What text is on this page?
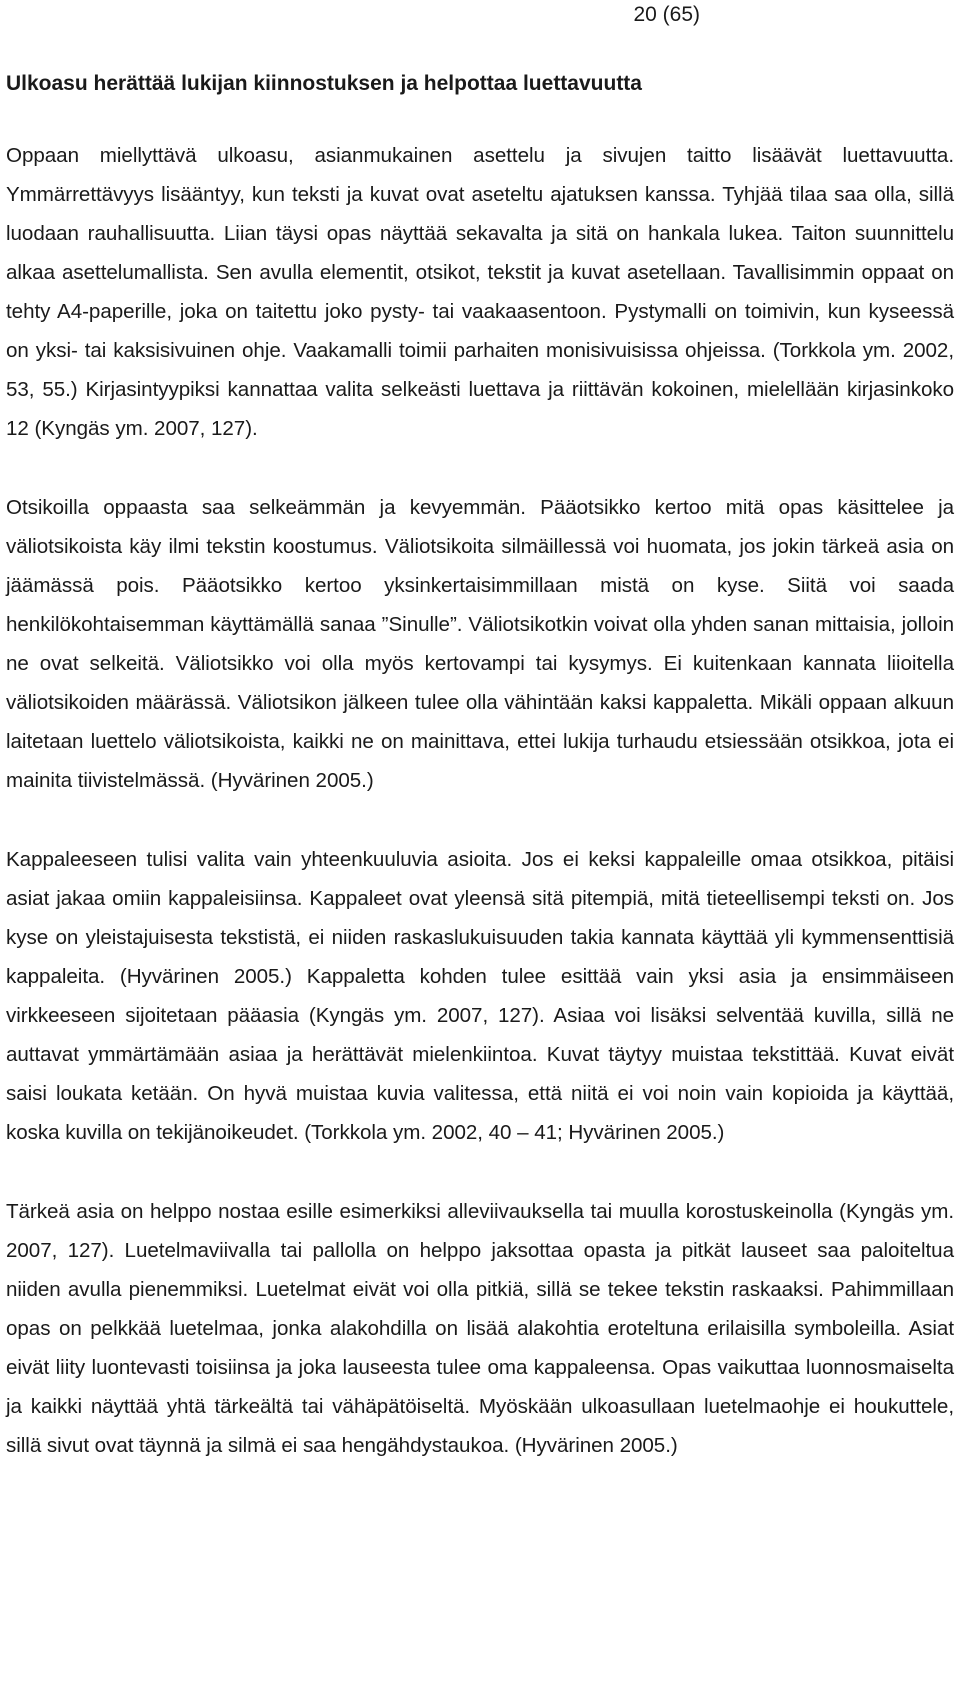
20 (65)
Ulkoasu herättää lukijan kiinnostuksen ja helpottaa luettavuutta

Oppaan miellyttävä ulkoasu, asianmukainen asettelu ja sivujen taitto lisäävät luettavuutta. Ymmärrettävyys lisääntyy, kun teksti ja kuvat ovat aseteltu ajatuksen kanssa. Tyhjää tilaa saa olla, sillä luodaan rauhallisuutta. Liian täysi opas näyttää sekavalta ja sitä on hankala lukea. Taiton suunnittelu alkaa asettelumallista. Sen avulla elementit, otsikot, tekstit ja kuvat asetellaan. Tavallisimmin oppaat on tehty A4-paperille, joka on taitettu joko pysty- tai vaakaasentoon. Pystymalli on toimivin, kun kyseessä on yksi- tai kaksisivuinen ohje. Vaakamalli toimii parhaiten monisivuisissa ohjeissa. (Torkkola ym. 2002, 53, 55.) Kirjasintyypiksi kannattaa valita selkeästi luettava ja riittävän kokoinen, mielellään kirjasinkoko 12 (Kyngäs ym. 2007, 127).

Otsikoilla oppaasta saa selkeämmän ja kevyemmän. Pääotsikko kertoo mitä opas käsittelee ja väliotsikoista käy ilmi tekstin koostumus. Väliotsikoita silmäillessä voi huomata, jos jokin tärkeä asia on jäämässä pois. Pääotsikko kertoo yksinkertaisimmillaan mistä on kyse. Siitä voi saada henkilökohtaisemman käyttämällä sanaa ”Sinulle”. Väliotsikotkin voivat olla yhden sanan mittaisia, jolloin ne ovat selkeitä. Väliotsikko voi olla myös kertovampi tai kysymys. Ei kuitenkaan kannata liioitella väliotsikoiden määrässä. Väliotsikon jälkeen tulee olla vähintään kaksi kappaletta. Mikäli oppaan alkuun laitetaan luettelo väliotsikoista, kaikki ne on mainittava, ettei lukija turhaudu etsiessään otsikkoa, jota ei mainita tiivistelmässä. (Hyvärinen 2005.)

Kappaleeseen tulisi valita vain yhteenkuuluvia asioita. Jos ei keksi kappaleille omaa otsikkoa, pitäisi asiat jakaa omiin kappaleisiinsa. Kappaleet ovat yleensä sitä pitempiä, mitä tieteellisempi teksti on. Jos kyse on yleistajuisesta tekstistä, ei niiden raskaslukuisuuden takia kannata käyttää yli kymmensenttisiä kappaleita. (Hyvärinen 2005.) Kappaletta kohden tulee esittää vain yksi asia ja ensimmäiseen virkkeeseen sijoitetaan pääasia (Kyngäs ym. 2007, 127). Asiaa voi lisäksi selventää kuvilla, sillä ne auttavat ymmärtämään asiaa ja herättävät mielenkiintoa. Kuvat täytyy muistaa tekstittää. Kuvat eivät saisi loukata ketään. On hyvä muistaa kuvia valitessa, että niitä ei voi noin vain kopioida ja käyttää, koska kuvilla on tekijänoikeudet. (Torkkola ym. 2002, 40 – 41; Hyvärinen 2005.)

Tärkeä asia on helppo nostaa esille esimerkiksi alleviivauksella tai muulla korostuskeinolla (Kyngäs ym. 2007, 127). Luetelmaviivalla tai pallolla on helppo jaksottaa opasta ja pitkät lauseet saa paloiteltua niiden avulla pienemmiksi. Luetelmat eivät voi olla pitkiä, sillä se tekee tekstin raskaaksi. Pahimmillaan opas on pelkkää luetelmaa, jonka alakohdilla on lisää alakohtia eroteltuna erilaisilla symboleilla. Asiat eivät liity luontevasti toisiinsa ja joka lauseesta tulee oma kappaleensa. Opas vaikuttaa luonnosmaiselta ja kaikki näyttää yhtä tärkeältä tai vähäpätöiseltä. Myöskään ulkoasullaan luetelmaohje ei houkuttele, sillä sivut ovat täynnä ja silmä ei saa hengähdystaukoa. (Hyvärinen 2005.)
